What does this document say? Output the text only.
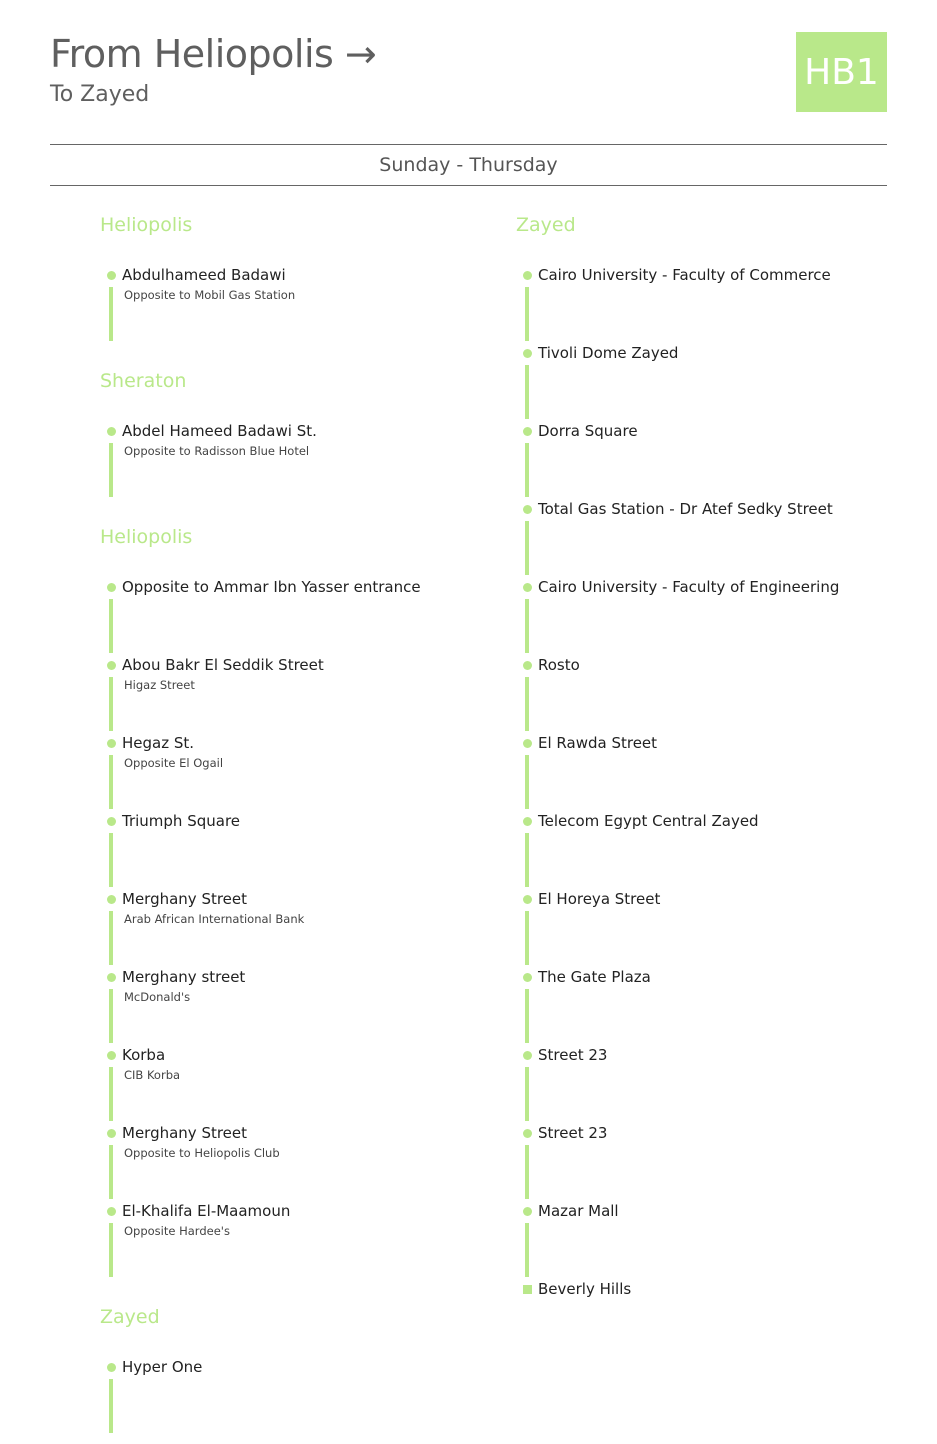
From Heliopolis →
To Zayed
HB1
Sunday - Thursday
Heliopolis
Abdulhameed Badawi
Opposite to Mobil Gas Station
Sheraton
Abdel Hameed Badawi St.
Opposite to Radisson Blue Hotel
Heliopolis
Opposite to Ammar Ibn Yasser entrance
Abou Bakr El Seddik Street
Higaz Street
Hegaz St.
Opposite El Ogail
Triumph Square
Merghany Street
Arab African International Bank
Merghany street
McDonald's
Korba
CIB Korba
Merghany Street
Opposite to Heliopolis Club
El-Khalifa El-Maamoun
Opposite Hardee's
Zayed
Hyper One
Zayed
Cairo University - Faculty of Commerce
Tivoli Dome Zayed
Dorra Square
Total Gas Station - Dr Atef Sedky Street
Cairo University - Faculty of Engineering
Rosto
El Rawda Street
Telecom Egypt Central Zayed
El Horeya Street
The Gate Plaza
Street 23
Street 23
Mazar Mall
Beverly Hills
